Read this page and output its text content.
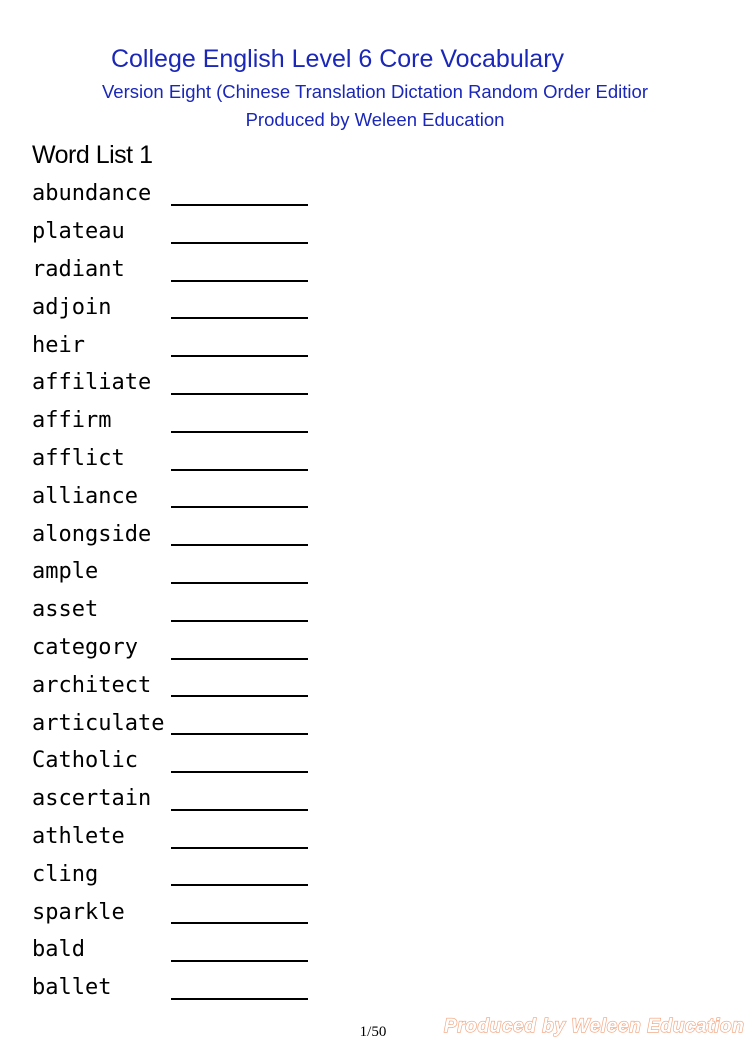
College English Level 6 Core Vocabulary
Version Eight (Chinese Translation Dictation Random Order Editior
Produced by Weleen Education
Word List 1
abundance
plateau
radiant
adjoin
heir
affiliate
affirm
afflict
alliance
alongside
ample
asset
category
architect
articulate
Catholic
ascertain
athlete
cling
sparkle
bald
ballet
1/50	Produced by Weleen Education
